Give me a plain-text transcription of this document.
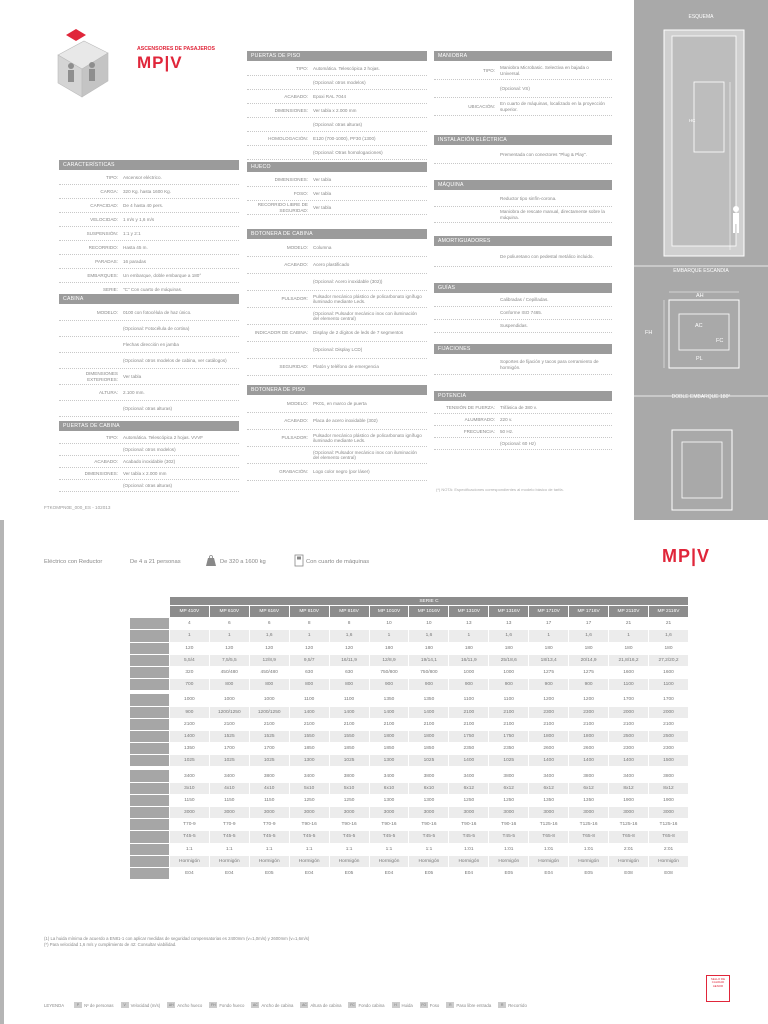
ASCENSORES DE PASAJEROS
MP|V
CARACTERÍSTICAS
TIPO:	Ascensor eléctrico.
CARGA:	320 Kg. hasta 1600 Kg.
CAPACIDAD:	De 4 hasta 40 pers.
VELOCIDAD:	1 m/s y 1,6 m/s
SUSPENSIÓN:	1:1 y 2:1
RECORRIDO:	Hasta 45 m.
PARADAS:	16 paradas
EMBARQUES:	Un embarque, doble embarque a 180°
SERIE:	"C" Con cuarto de máquinas.
CABINA
MODELO:	0100 con fotocélula de haz único.
(Opcional: Fotocélula de cortina)
Flechas dirección en jamba
(Opcional: otros modelos de cabina, ver catálogos)
DIMENSIONES EXTERIORES:
Ver tabla
ALTURA:	2.100 mm.
(Opcional: otras alturas)
PUERTAS DE CABINA
TIPO:	Automática. Telescópica 2 hojas. VVVF
(Opcional: otros modelos)
ACABADO:	Acabado inoxidable (302)
DIMENSIONES:	Ver tabla x 2.000 mm
(Opcional: otras alturas)
PUERTAS DE PISO
TIPO:	Automática. Telescópica 2 hojas.
(Opcional: otros modelos)
ACABADO:	Epoxi RAL 7044
DIMENSIONES:	Ver tabla x 2.000 mm
(Opcional: otras alturas)
HOMOLOGACIÓN:	E120 (700-1000), PF30 (1300)
(Opcional: Otras homologaciones)
HUECO
DIMENSIONES:	Ver tabla
FOSO:	Ver tabla
RECORRIDO LIBRE DE SEGURIDAD:
Ver tabla
BOTONERA DE CABINA
MODELO:	Columna
ACABADO:	Acero plastificado
(Opcional: Acero inoxidable (302))
PULSADOR:
Pulsador mecánico plástico de policarbonato ignífugo iluminado mediante Leds.
(Opcional: Pulsador mecánico inox con iluminación del elemento central)
INDICADOR DE CABINA:	Display de 2 dígitos de leds de 7 segmentos
(Opcional: Display LCD)
SEGURIDAD:	Platón y teléfono de emergencia
BOTONERA DE PISO
MODELO:	PK01, en marco de puerta
ACABADO:	Placa de acero inoxidable (302)
PULSADOR:
Pulsador mecánico plástico de policarbonato ignífugo iluminado mediante Leds.
(Opcional: Pulsador mecánico inox con iluminación del elemento central)
GRABACIÓN:	Logo color negro (por láser)
MANIOBRA
TIPO:
Maniobra Microbasic. Selectiva en bajada o Universal.
(Opcional: VS)
UBICACIÓN:
En cuarto de máquinas, localizado en la proyección superior.
INSTALACIÓN ELÉCTRICA
Prementada con conectores "Plug & Play".
MÁQUINA
Reductor tipo sinfín-corona.
Maniobra de rescate manual, directamente sobre la máquina.
AMORTIGUADORES
De poliuretano con pedestal metálico incluido.
GUÍAS
Calibradas / Cepilladas.
Conforme ISO 7465.
Suspendidas.
FIJACIONES
Soportes de fijación y tacos para cerramiento de hormigón.
POTENCIA
TENSIÓN DE FUERZA:	Trifásica de 380 v.
ALUMBRADO:	220 v.
FRECUENCIA:	50 Hz.
(Opcional: 60 Hz)
(*) NOTA: Especificaciones correspondientes al modelo básico de tarifa.
FTKOMPN0E_000_ES - 102013
ESQUEMA
HC
EMBARQUE ESCANDIA
AH
FH
AC
FC
PL
DOBLE EMBARQUE 180°
Eléctrico con Reductor	De 4 a 21 personas	De 320 a 1600 kg	Con cuarto de máquinas	MP|V
	SERIE C												
	MP 410V	MP 610V	MP 616V	MP 810V	MP 816V	MP 1010V	MP 1016V	MP 1310V	MP 1316V	MP 1710V	MP 1716V	MP 2110V	MP 2116V
	4	6	6	8	8	10	10	13	13	17	17	21	21
	1	1	1,6	1	1,6	1	1,6	1	1,6	1	1,6	1	1,6
	120	120	120	120	120	180	180	180	180	180	180	180	180
	5,5/4	7,5/5,5	12/8,9	9,5/7	16/11,9	12/8,9	19/14,1	16/11,9	25/18,6	18/13,4	20/14,9	21,8/16,2	27,2/20,2
	320	450/480	450/480	630	630	750/800	750/800	1000	1000	1275	1275	1600	1600
	700	800	800	800	800	900	900	900	900	900	900	1100	1100

	1000	1000	1000	1100	1100	1350	1350	1100	1100	1200	1200	1700	1700
	900	1200/1250	1200/1250	1400	1400	1400	1400	2100	2100	2300	2300	2000	2000
	2100	2100	2100	2100	2100	2100	2100	2100	2100	2100	2100	2100	2100
	1400	1525	1525	1550	1550	1800	1800	1750	1750	1800	1800	2500	2500
	1350	1700	1700	1850	1850	1850	1850	2350	2350	2600	2600	2300	2300
	1025	1025	1025	1300	1025	1300	1025	1400	1025	1400	1400	1400	1500

	3400	3400	3800	3400	3800	3400	3800	3400	3800	3400	3800	3400	3800
	3x10	4x10	4x10	5x10	5x10	6x10	6x10	6x12	6x12	6x12	6x12	8x12	8x12
	1150	1150	1150	1250	1250	1300	1300	1250	1250	1350	1350	1900	1900
	3000	3000	3000	3000	3000	3000	3000	3000	3000	3000	3000	3000	3000
	T70-9	T70-9	T70-9	T90-16	T90-16	T90-16	T90-16	T90-16	T90-16	T125-16	T125-16	T125-16	T125-16
	T45-5	T45-5	T45-5	T45-5	T45-5	T45-5	T45-5	T45-5	T45-5	T65-8	T65-8	T65-8	T65-8
	1:1	1:1	1:1	1:1	1:1	1:1	1:1	1:01	1:01	1:01	1:01	2:01	2:01
	Hormigón	Hormigón	Hormigón	Hormigón	Hormigón	Hormigón	Hormigón	Hormigón	Hormigón	Hormigón	Hormigón	Hormigón	Hormigón
	E04	E04	E05	E04	E05	E04	E05	E04	E05	E04	E05	E08	E08
(1) La huida mínima de acuerdo a EN81-1 con aplicar medidas de seguridad compensatorias es 2400mm (v=1,0m/s) y 2600mm (v=1,6m/s)
(*) Para velocidad 1,6 m/s y cumplimiento de 42: Consultar viabilidad.
LEYENDA	P	Nº de personas	V	Velocidad (m/s)	AH Ancho hueco	FH Fondo hueco	AC Ancho de cabina	AC Altura de cabina	FC Fondo cabina	H	Huida	FO Foso	R	Paso libre entrada	R	Recorrido
SELLO DE CALIDAD AENOR
